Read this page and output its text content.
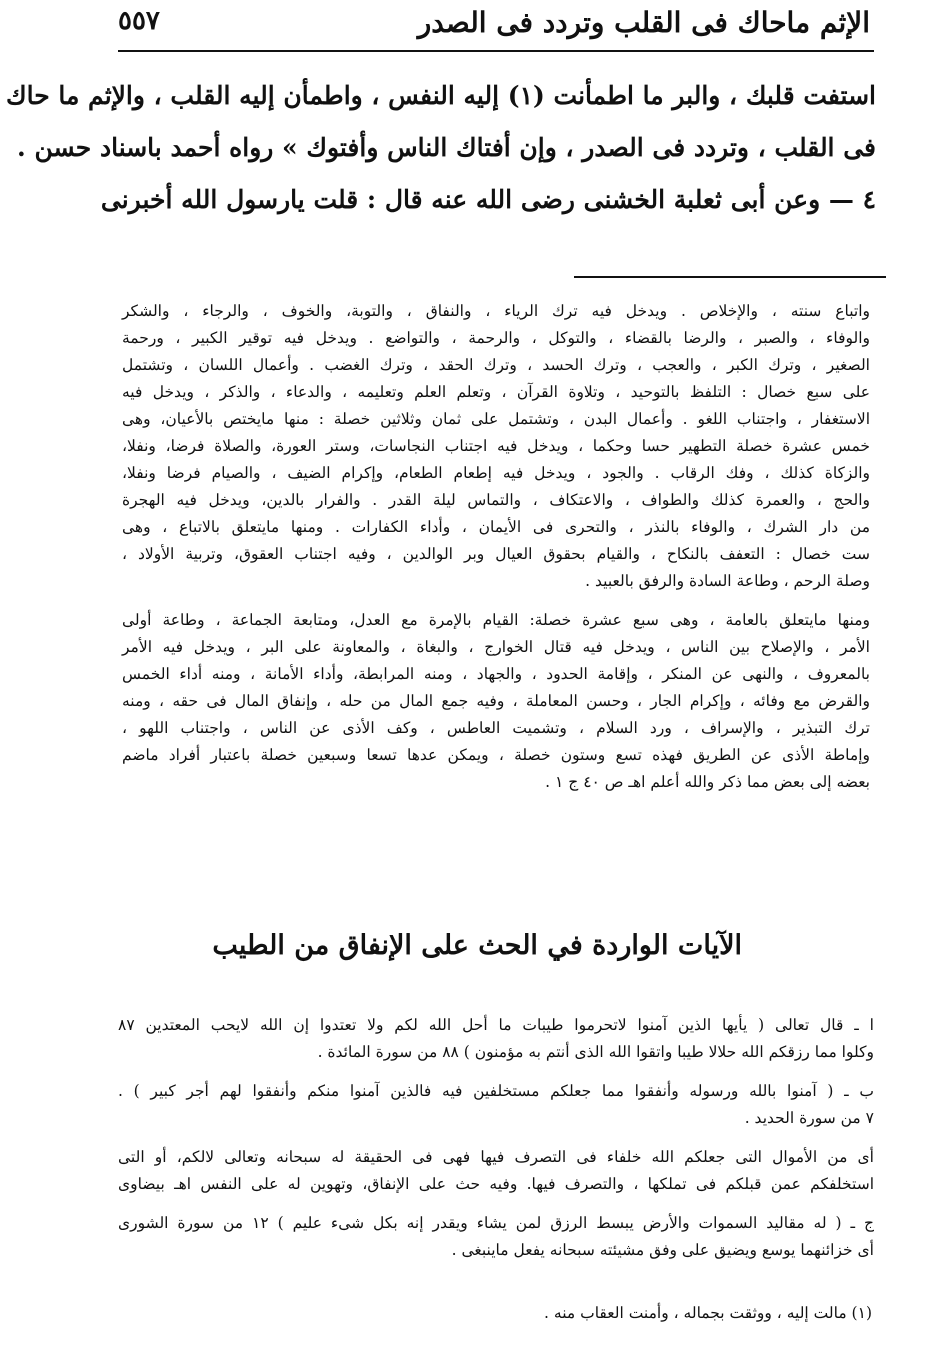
الإثم ماحاك فى القلب وتردد فى الصدر
٥٥٧
استفت قلبك ، والبر ما اطمأنت (١) إليه النفس ، واطمأن إليه القلب ، والإثم ما حاك
فى القلب ، وتردد فى الصدر ، وإن أفتاك الناس وأفتوك » رواه أحمد باسناد حسن .
٤ — وعن أبى ثعلبة الخشنى رضى الله عنه قال : قلت يارسول الله أخبرنى
واتباع سنته ، والإخلاص . ويدخل فيه ترك الرياء ، والنفاق ، والتوبة، والخوف ، والرجاء ، والشكر
والوفاء ، والصبر ، والرضا بالقضاء ، والتوكل ، والرحمة ، والتواضع . ويدخل فيه توقير الكبير ، ورحمة
الصغير ، وترك الكبر ، والعجب ، وترك الحسد ، وترك الحقد ، وترك الغضب . وأعمال اللسان ، وتشتمل
على سبع خصال : التلفظ بالتوحيد ، وتلاوة القرآن ، وتعلم العلم وتعليمه ، والدعاء ، والذكر ، ويدخل فيه
الاستغفار ، واجتناب اللغو . وأعمال البدن ، وتشتمل على ثمان وثلاثين خصلة : منها مايختص بالأعيان، وهى
خمس عشرة خصلة التطهير حسا وحكما ، ويدخل فيه اجتناب النجاسات، وستر العورة، والصلاة فرضا، ونفلا،
والزكاة كذلك ، وفك الرقاب . والجود ، ويدخل فيه إطعام الطعام، وإكرام الضيف ، والصيام فرضا ونفلا،
والحج ، والعمرة كذلك والطواف ، والاعتكاف ، والتماس ليلة القدر . والفرار بالدين، ويدخل فيه الهجرة
من دار الشرك ، والوفاء بالنذر ، والتحرى فى الأيمان ، وأداء الكفارات . ومنها مايتعلق بالاتباع ، وهى
ست خصال : التعفف بالنكاح ، والقيام بحقوق العيال وبر الوالدين ، وفيه اجتناب العقوق، وتربية الأولاد ،
وصلة الرحم ، وطاعة السادة والرفق بالعبيد .
ومنها مايتعلق بالعامة ، وهى سبع عشرة خصلة: القيام بالإمرة مع العدل، ومتابعة الجماعة ، وطاعة أولى
الأمر ، والإصلاح بين الناس ، ويدخل فيه قتال الخوارج ، والبغاة ، والمعاونة على البر ، ويدخل فيه الأمر
بالمعروف ، والنهى عن المنكر ، وإقامة الحدود ، والجهاد ، ومنه المرابطة، وأداء الأمانة ، ومنه أداء الخمس
والقرض مع وفائه ، وإكرام الجار ، وحسن المعاملة ، وفيه جمع المال من حله ، وإنفاق المال فى حقه ، ومنه
ترك التبذير ، والإسراف ، ورد السلام ، وتشميت العاطس ، وكف الأذى عن الناس ، واجتناب اللهو ،
وإماطة الأذى عن الطريق فهذه تسع وستون خصلة ، ويمكن عدها تسعا وسبعين خصلة باعتبار أفراد ماضم
بعضه إلى بعض مما ذكر والله أعلم اهـ ص ٤٠ ج ١ .
الآيات الواردة في الحث على الإنفاق من الطيب
ا ـ قال تعالى ( يأيها الذين آمنوا لاتحرموا طيبات ما أحل الله لكم ولا تعتدوا إن الله لايحب المعتدين ٨٧
وكلوا مما رزقكم الله حلالا طيبا واتقوا الله الذى أنتم به مؤمنون ) ٨٨ من سورة المائدة .
ب ـ ( آمنوا بالله ورسوله وأنفقوا مما جعلكم مستخلفين فيه فالذين آمنوا منكم وأنفقوا لهم أجر كبير ) .
٧ من سورة الحديد .
أى من الأموال التى جعلكم الله خلفاء فى التصرف فيها فهى فى الحقيقة له سبحانه وتعالى لالكم، أو التى
استخلفكم عمن قبلكم فى تملكها ، والتصرف فيها. وفيه حث على الإنفاق، وتهوين له على النفس اهـ بيضاوى
ج ـ ( له مقاليد السموات والأرض يبسط الرزق لمن يشاء ويقدر إنه بكل شىء عليم ) ١٢ من سورة الشورى
أى خزائنهما يوسع ويضيق على وفق مشيئته سبحانه يفعل ماينبغى .
(١) مالت إليه ، ووثقت بجماله ، وأمنت العقاب منه .
